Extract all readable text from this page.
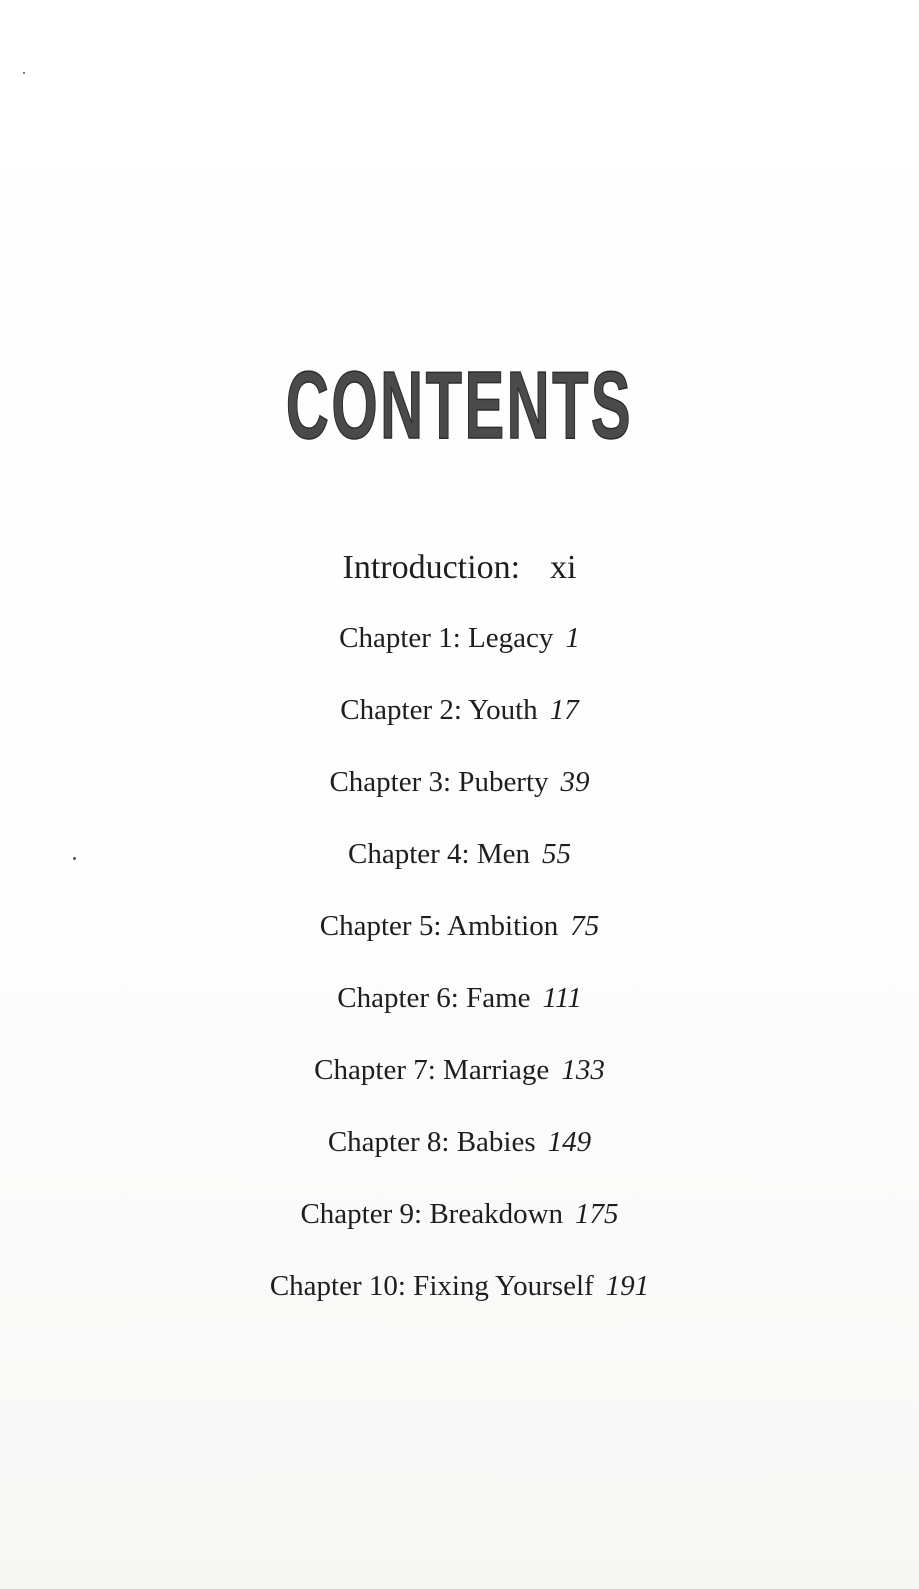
CONTENTS
Introduction: xi
Chapter 1: Legacy 1
Chapter 2: Youth 17
Chapter 3: Puberty 39
Chapter 4: Men 55
Chapter 5: Ambition 75
Chapter 6: Fame 111
Chapter 7: Marriage 133
Chapter 8: Babies 149
Chapter 9: Breakdown 175
Chapter 10: Fixing Yourself 191
